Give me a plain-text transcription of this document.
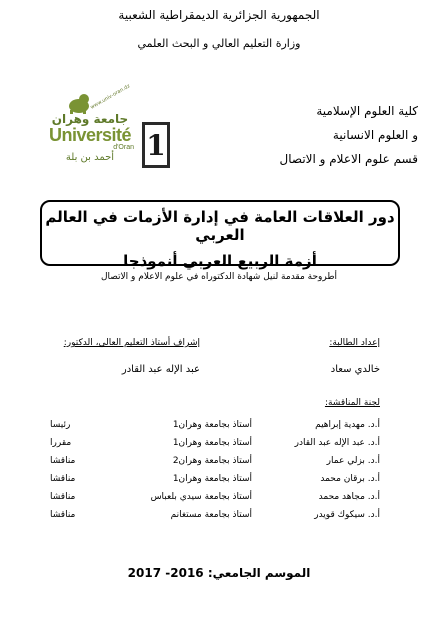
الجمهورية الجزائرية الديمقراطية الشعبية
وزارة التعليم العالي و البحث العلمي
www.univ-oran.dz
جامعة وهران
Université
d'Oran
أحمد بن بلة	1
كلية العلوم الإسلامية
و العلوم الانسانية
قسم علوم الاعلام و الاتصال
دور العلاقات العامة في إدارة الأزمات في العالم العربي
أزمة الربيع العربي أنموذجا
أطروحة مقدمة لنيل شهادة الدكتوراه في علوم الاعلام و الاتصال
إعداد الطالبة:
إشراف أستاذ التعليم العالي، الدكتور:
خالدي سعاد
عبد الإله عبد القادر
لجنة المناقشة:
أ.د. مهدية إبراهيم
أستاذ بجامعة وهران1
رئيسا
أ.د. عبد الإله عبد القادر
أستاذ بجامعة وهران1
مقررا
أ.د. بزلي عمار
أستاذ بجامعة وهران2
مناقشا
أ.د. برقان محمد
أستاذ بجامعة وهران1
مناقشا
أ.د. مجاهد محمد
أستاذ بجامعة سيدي بلعباس
مناقشا
أ.د. سيكوك قويدر
أستاذ بجامعة مستغانم
مناقشا
الموسم الجامعي: 2016- 2017
